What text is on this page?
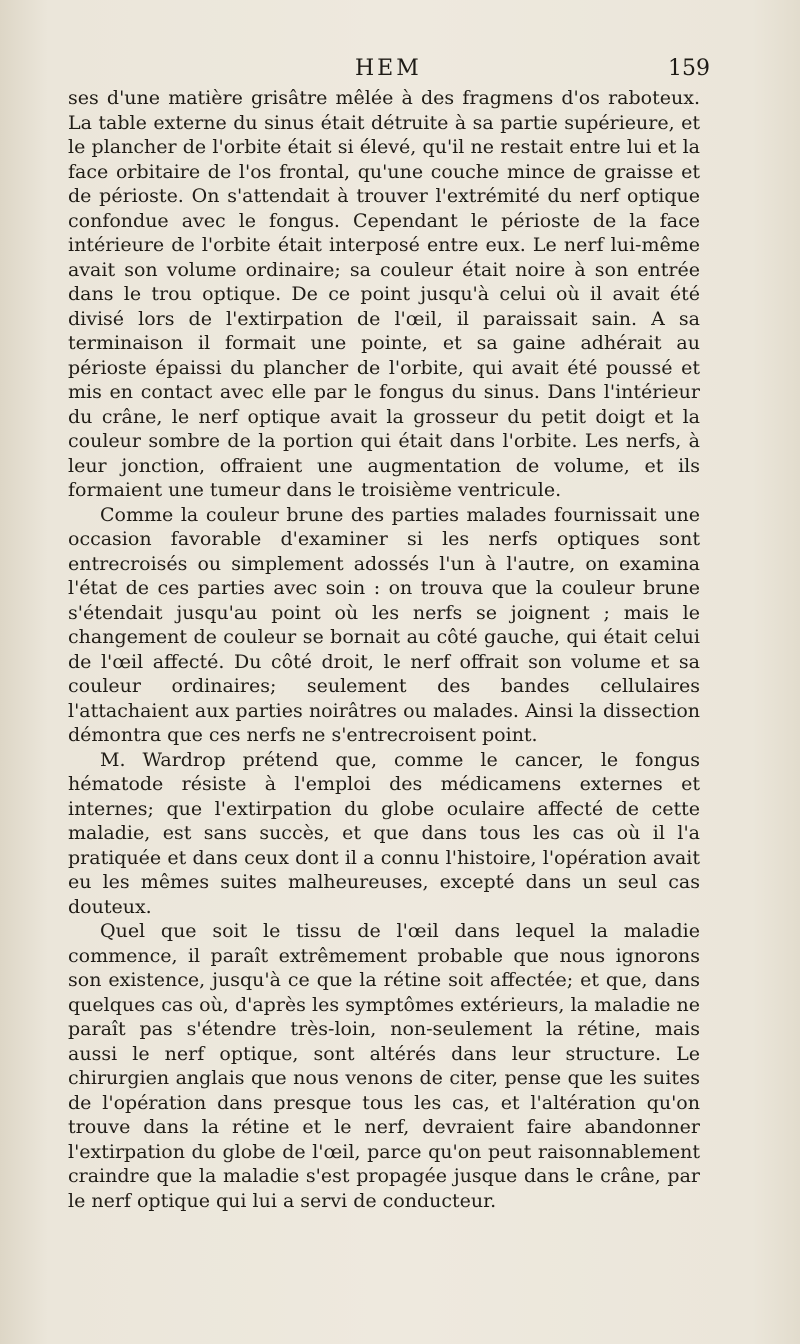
HEM	159

ses d'une matière grisâtre mêlée à des fragmens d'os raboteux. La table externe du sinus était détruite à sa partie supérieure, et le plancher de l'orbite était si élevé, qu'il ne restait entre lui et la face orbitaire de l'os frontal, qu'une couche mince de graisse et de périoste. On s'attendait à trouver l'extrémité du nerf optique confondue avec le fongus. Cependant le périoste de la face intérieure de l'orbite était interposé entre eux. Le nerf lui-même avait son volume ordinaire; sa couleur était noire à son entrée dans le trou optique. De ce point jusqu'à celui où il avait été divisé lors de l'extirpation de l'œil, il paraissait sain. A sa terminaison il formait une pointe, et sa gaine adhérait au périoste épaissi du plancher de l'orbite, qui avait été poussé et mis en contact avec elle par le fongus du sinus. Dans l'intérieur du crâne, le nerf optique avait la grosseur du petit doigt et la couleur sombre de la portion qui était dans l'orbite. Les nerfs, à leur jonction, offraient une augmentation de volume, et ils formaient une tumeur dans le troisième ventricule.

Comme la couleur brune des parties malades fournissait une occasion favorable d'examiner si les nerfs optiques sont entrecroisés ou simplement adossés l'un à l'autre, on examina l'état de ces parties avec soin : on trouva que la couleur brune s'étendait jusqu'au point où les nerfs se joignent ; mais le changement de couleur se bornait au côté gauche, qui était celui de l'œil affecté. Du côté droit, le nerf offrait son volume et sa couleur ordinaires; seulement des bandes cellulaires l'attachaient aux parties noirâtres ou malades. Ainsi la dissection démontra que ces nerfs ne s'entrecroisent point.

M. Wardrop prétend que, comme le cancer, le fongus hématode résiste à l'emploi des médicamens externes et internes; que l'extirpation du globe oculaire affecté de cette maladie, est sans succès, et que dans tous les cas où il l'a pratiquée et dans ceux dont il a connu l'histoire, l'opération avait eu les mêmes suites malheureuses, excepté dans un seul cas douteux.

Quel que soit le tissu de l'œil dans lequel la maladie commence, il paraît extrêmement probable que nous ignorons son existence, jusqu'à ce que la rétine soit affectée; et que, dans quelques cas où, d'après les symptômes extérieurs, la maladie ne paraît pas s'étendre très-loin, non-seulement la rétine, mais aussi le nerf optique, sont altérés dans leur structure. Le chirurgien anglais que nous venons de citer, pense que les suites de l'opération dans presque tous les cas, et l'altération qu'on trouve dans la rétine et le nerf, devraient faire abandonner l'extirpation du globe de l'œil, parce qu'on peut raisonnablement craindre que la maladie s'est propagée jusque dans le crâne, par le nerf optique qui lui a servi de conducteur.
